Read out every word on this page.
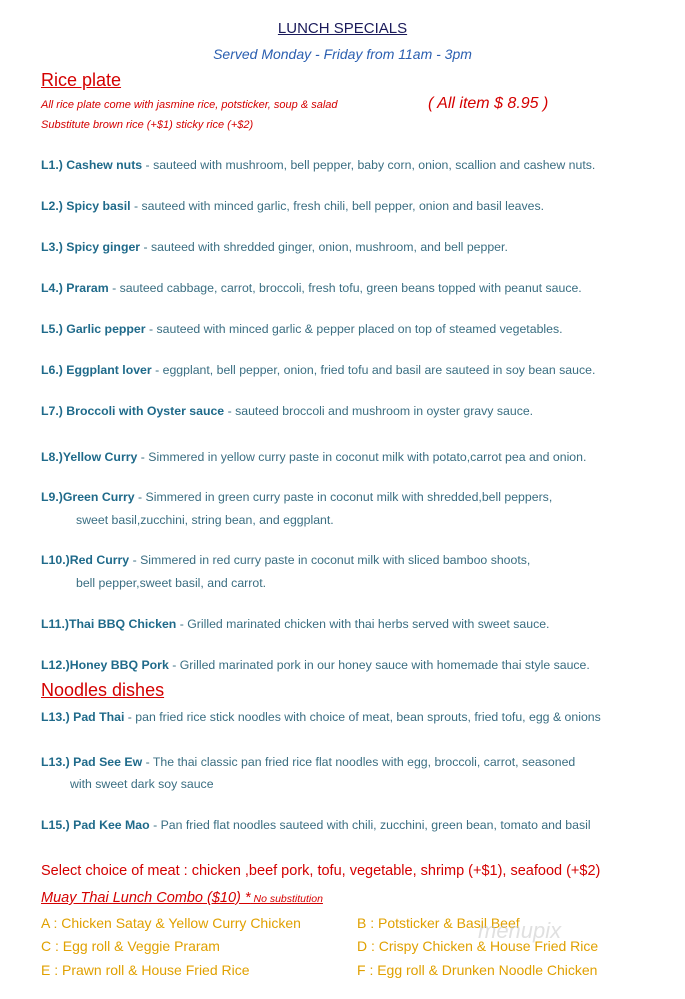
LUNCH SPECIALS
Served Monday - Friday from 11am - 3pm
Rice plate
All rice plate come with jasmine rice, potsticker, soup & salad
Substitute brown rice (+$1) sticky rice (+$2)
( All item $ 8.95 )
L1.) Cashew nuts - sauteed with mushroom, bell pepper, baby corn, onion, scallion and cashew nuts.
L2.) Spicy basil - sauteed with minced garlic, fresh chili, bell pepper, onion and basil leaves.
L3.) Spicy ginger - sauteed with shredded ginger, onion, mushroom, and bell pepper.
L4.) Praram - sauteed cabbage, carrot, broccoli, fresh tofu, green beans topped with peanut sauce.
L5.) Garlic pepper - sauteed with minced garlic & pepper placed on top of steamed vegetables.
L6.) Eggplant lover - eggplant, bell pepper, onion, fried tofu and basil are sauteed in soy bean sauce.
L7.) Broccoli with Oyster sauce - sauteed broccoli and mushroom in oyster gravy sauce.
L8.)Yellow Curry - Simmered in yellow curry paste in coconut milk with potato,carrot pea and onion.
L9.)Green Curry - Simmered in green curry paste in coconut milk with shredded,bell peppers,
sweet basil,zucchini, string bean, and eggplant.
L10.)Red Curry - Simmered in red curry paste in coconut milk with sliced bamboo shoots,
bell pepper,sweet basil, and carrot.
L11.)Thai BBQ Chicken - Grilled marinated chicken with thai herbs served with sweet sauce.
L12.)Honey BBQ Pork - Grilled marinated pork in our honey sauce with homemade thai style sauce.
Noodles dishes
L13.) Pad Thai - pan fried rice stick noodles with choice of meat, bean sprouts, fried tofu, egg & onions
L13.) Pad See Ew - The thai classic pan fried rice flat noodles with egg, broccoli, carrot, seasoned
with sweet dark soy sauce
L15.) Pad Kee Mao - Pan fried flat noodles sauteed with chili, zucchini, green bean, tomato and basil
Select choice of meat : chicken ,beef pork, tofu, vegetable, shrimp (+$1), seafood (+$2)
Muay Thai Lunch Combo ($10) * No substitution
A : Chicken Satay & Yellow Curry Chicken	B : Potsticker & Basil Beef
C : Egg roll & Veggie Praram	D : Crispy Chicken & House Fried Rice
E : Prawn roll & House Fried Rice	F : Egg roll & Drunken Noodle Chicken
menupix
